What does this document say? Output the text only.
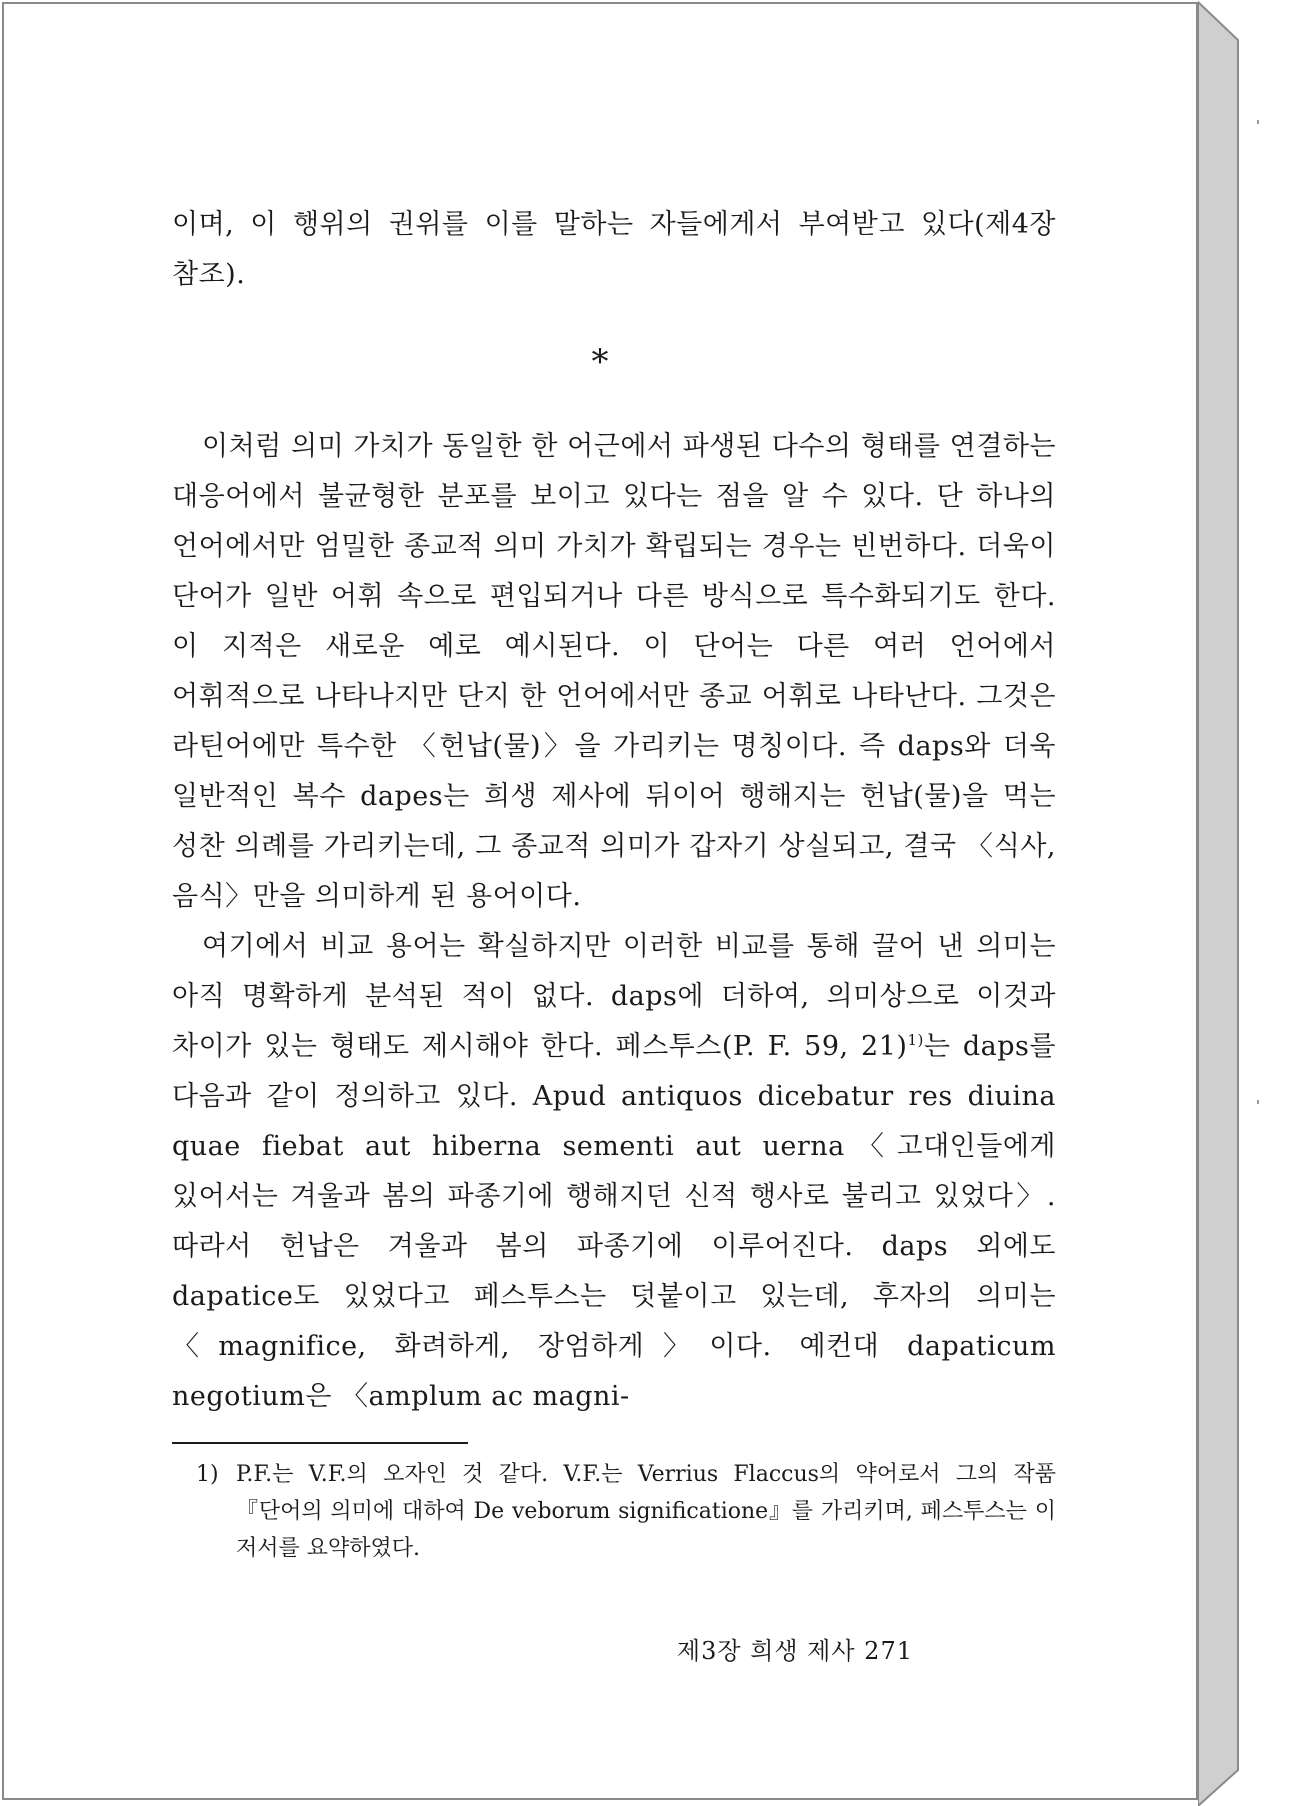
이며, 이 행위의 권위를 이를 말하는 자들에게서 부여받고 있다(제4장 참조).

*

이처럼 의미 가치가 동일한 한 어근에서 파생된 다수의 형태를 연결하는 대응어에서 불균형한 분포를 보이고 있다는 점을 알 수 있다. 단 하나의 언어에서만 엄밀한 종교적 의미 가치가 확립되는 경우는 빈번하다. 더욱이 단어가 일반 어휘 속으로 편입되거나 다른 방식으로 특수화되기도 한다. 이 지적은 새로운 예로 예시된다. 이 단어는 다른 여러 언어에서 어휘적으로 나타나지만 단지 한 언어에서만 종교 어휘로 나타난다. 그것은 라틴어에만 특수한 〈헌납(물)〉을 가리키는 명칭이다. 즉 daps와 더욱 일반적인 복수 dapes는 희생 제사에 뒤이어 행해지는 헌납(물)을 먹는 성찬 의례를 가리키는데, 그 종교적 의미가 갑자기 상실되고, 결국 〈식사, 음식〉만을 의미하게 된 용어이다.

여기에서 비교 용어는 확실하지만 이러한 비교를 통해 끌어 낸 의미는 아직 명확하게 분석된 적이 없다. daps에 더하여, 의미상으로 이것과 차이가 있는 형태도 제시해야 한다. 페스투스(P. F. 59, 21)$^{1)}$는 daps를 다음과 같이 정의하고 있다. Apud antiquos dicebatur res diuina quae fiebat aut hiberna sementi aut uerna〈고대인들에게 있어서는 겨울과 봄의 파종기에 행해지던 신적 행사로 불리고 있었다〉. 따라서 헌납은 겨울과 봄의 파종기에 이루어진다. daps 외에도 dapatice도 있었다고 페스투스는 덧붙이고 있는데, 후자의 의미는 〈magnifice, 화려하게, 장엄하게〉이다. 예컨대 dapaticum negotium은 〈amplum ac magni-

1) P.F.는 V.F.의 오자인 것 같다. V.F.는 Verrius Flaccus의 약어로서 그의 작품 『단어의 의미에 대하여 De veborum significatione』를 가리키며, 페스투스는 이 저서를 요약하였다.
제3장 희생 제사 271
